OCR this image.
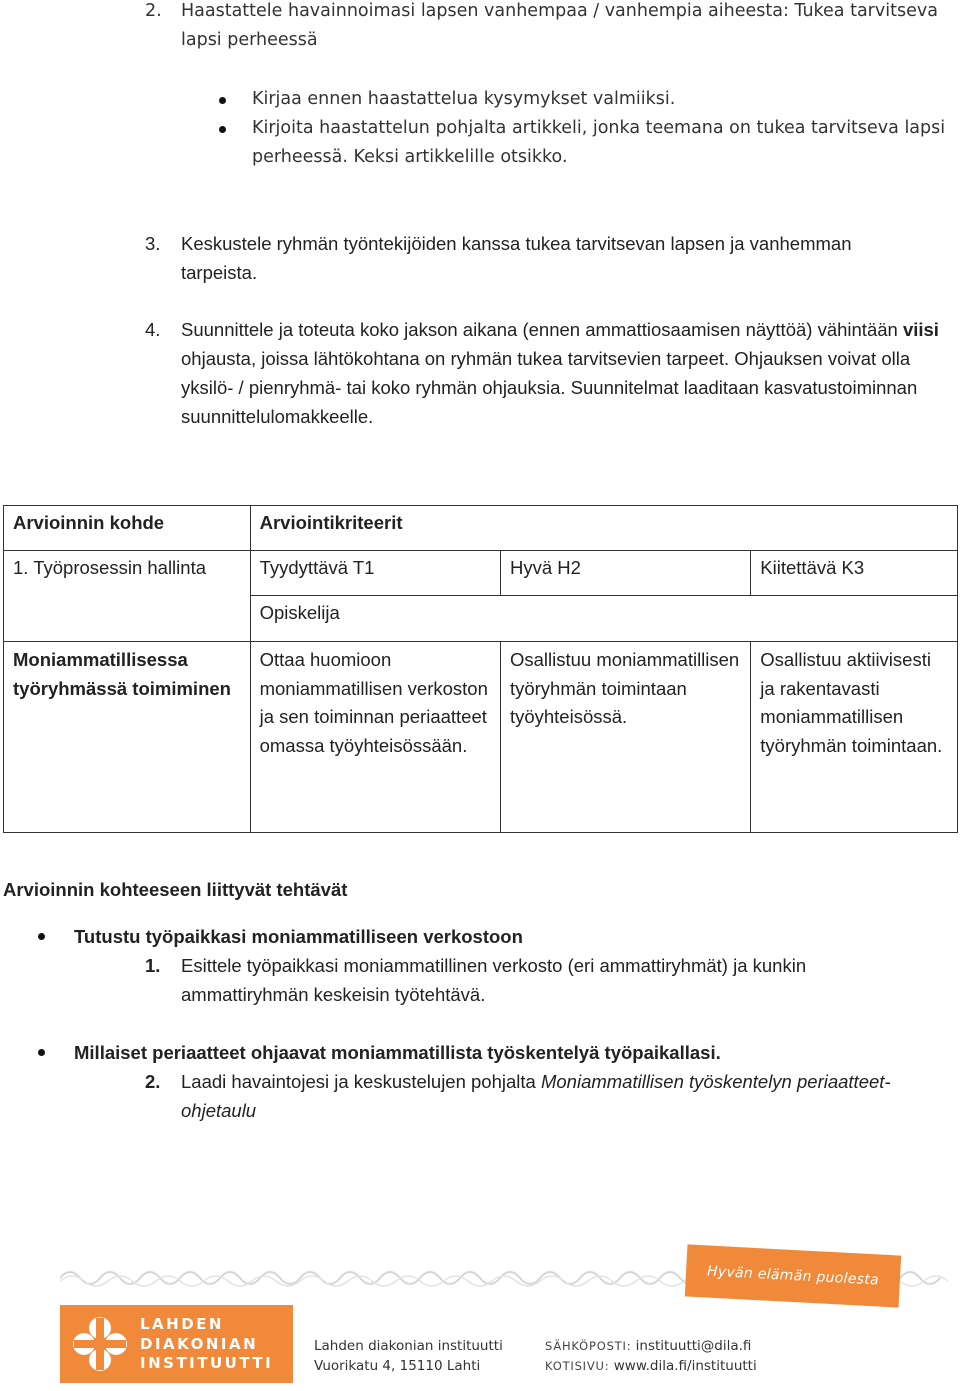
2. Haastattele havainnoimasi lapsen vanhempaa / vanhempia aiheesta: Tukea tarvitseva lapsi perheessä
Kirjaa ennen haastattelua kysymykset valmiiksi.
Kirjoita haastattelun pohjalta artikkeli, jonka teemana on tukea tarvitseva lapsi perheessä. Keksi artikkelille otsikko.
3. Keskustele ryhmän työntekijöiden kanssa tukea tarvitsevan lapsen ja vanhemman tarpeista.
4. Suunnittele ja toteuta koko jakson aikana (ennen ammattiosaamisen näyttöä) vähintään viisi ohjausta, joissa lähtökohtana on ryhmän tukea tarvitsevien tarpeet. Ohjauksen voivat olla yksilö- / pienryhmä- tai koko ryhmän ohjauksia. Suunnitelmat laaditaan kasvatustoiminnan suunnittelulomakkeelle.
Arvioinnin kohde	Arviointikriteerit		
1. Työprosessin hallinta	Tyydyttävä T1	Hyvä H2	Kiitettävä K3
	Opiskelija		
Moniammatillisessa työryhmässä toimiminen	Ottaa huomioon moniammatillisen verkoston ja sen toiminnan periaatteet omassa työyhteisössään.	Osallistuu moniammatillisen työryhmän toimintaan työyhteisössä.	Osallistuu aktiivisesti ja rakentavasti moniammatillisen työryhmän toimintaan.
Arvioinnin kohteeseen liittyvät tehtävät
Tutustu työpaikkasi moniammatilliseen verkostoon
1. Esittele työpaikkasi moniammatillinen verkosto (eri ammattiryhmät) ja kunkin ammattiryhmän keskeisin työtehtävä.
Millaiset periaatteet ohjaavat moniammatillista työskentelyä työpaikallasi.
2. Laadi havaintojesi ja keskustelujen pohjalta Moniammatillisen työskentelyn periaatteet-ohjetaulu
Hyvän elämän puolesta
LAHDEN
DIAKONIAN
INSTITUUTTI
Lahden diakonian instituutti
Vuorikatu 4, 15110 Lahti
SÄHKÖPOSTI: instituutti@dila.fi
KOTISIVU: www.dila.fi/instituutti
